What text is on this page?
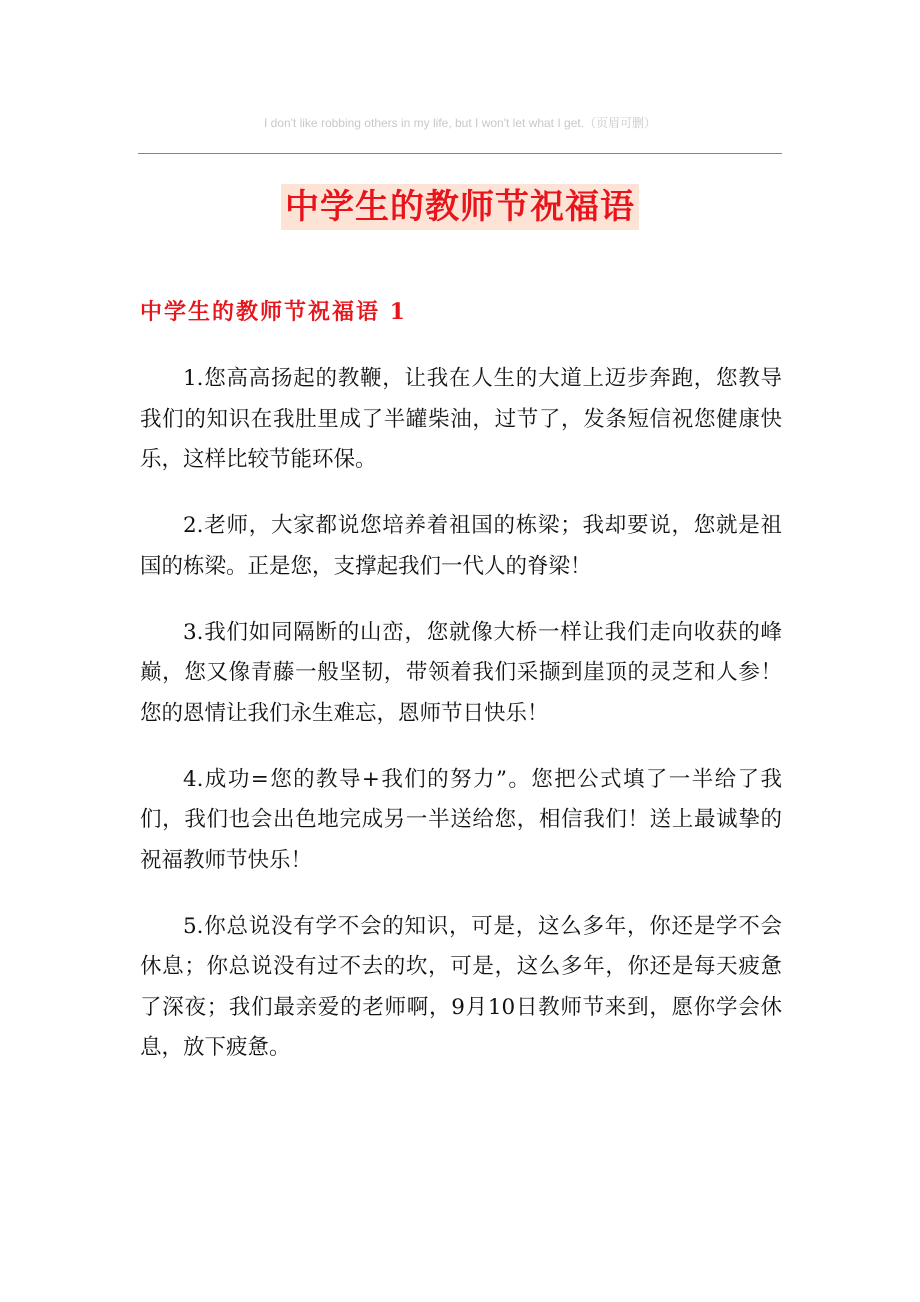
I don't like robbing others in my life, but I won't let what I get.（页眉可删）
中学生的教师节祝福语
中学生的教师节祝福语 1

1.您高高扬起的教鞭，让我在人生的大道上迈步奔跑，您教导我们的知识在我肚里成了半罐柴油，过节了，发条短信祝您健康快乐，这样比较节能环保。

2.老师，大家都说您培养着祖国的栋梁；我却要说，您就是祖国的栋梁。正是您，支撑起我们一代人的脊梁！

3.我们如同隔断的山峦，您就像大桥一样让我们走向收获的峰巅，您又像青藤一般坚韧，带领着我们采撷到崖顶的灵芝和人参！您的恩情让我们永生难忘，恩师节日快乐！

4.成功=您的教导+我们的努力”。您把公式填了一半给了我们，我们也会出色地完成另一半送给您，相信我们！送上最诚挚的祝福教师节快乐！

5.你总说没有学不会的知识，可是，这么多年，你还是学不会休息；你总说没有过不去的坎，可是，这么多年，你还是每天疲惫了深夜；我们最亲爱的老师啊，9月10日教师节来到，愿你学会休息，放下疲惫。
